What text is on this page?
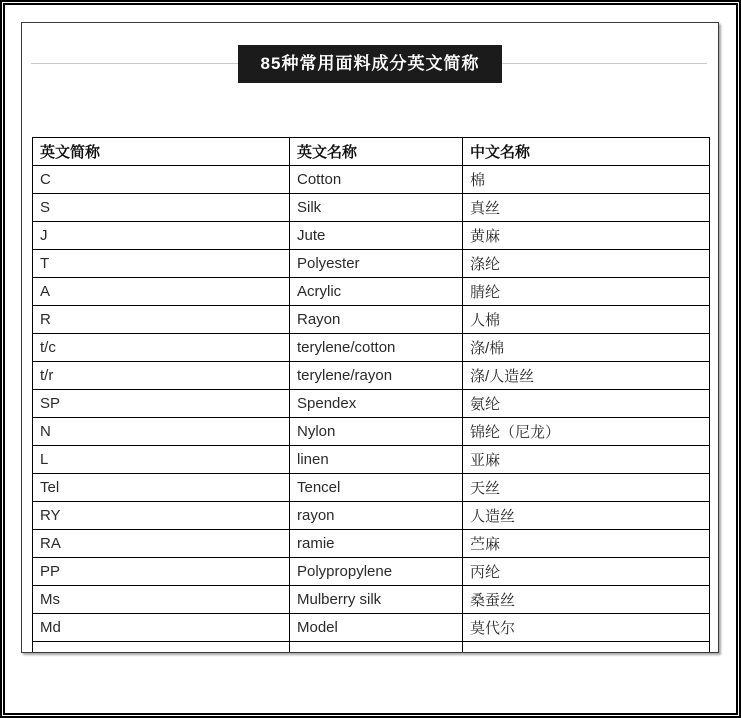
85种常用面料成分英文简称
英文简称	英文名称	中文名称
C	Cotton	棉
S	Silk	真丝
J	Jute	黄麻
T	Polyester	涤纶
A	Acrylic	腈纶
R	Rayon	人棉
t/c	terylene/cotton	涤/棉
t/r	terylene/rayon	涤/人造丝
SP	Spendex	氨纶
N	Nylon	锦纶（尼龙）
L	linen	亚麻
Tel	Tencel	天丝
RY	rayon	人造丝
RA	ramie	苎麻
PP	Polypropylene	丙纶
Ms	Mulberry silk	桑蚕丝
Md	Model	莫代尔
